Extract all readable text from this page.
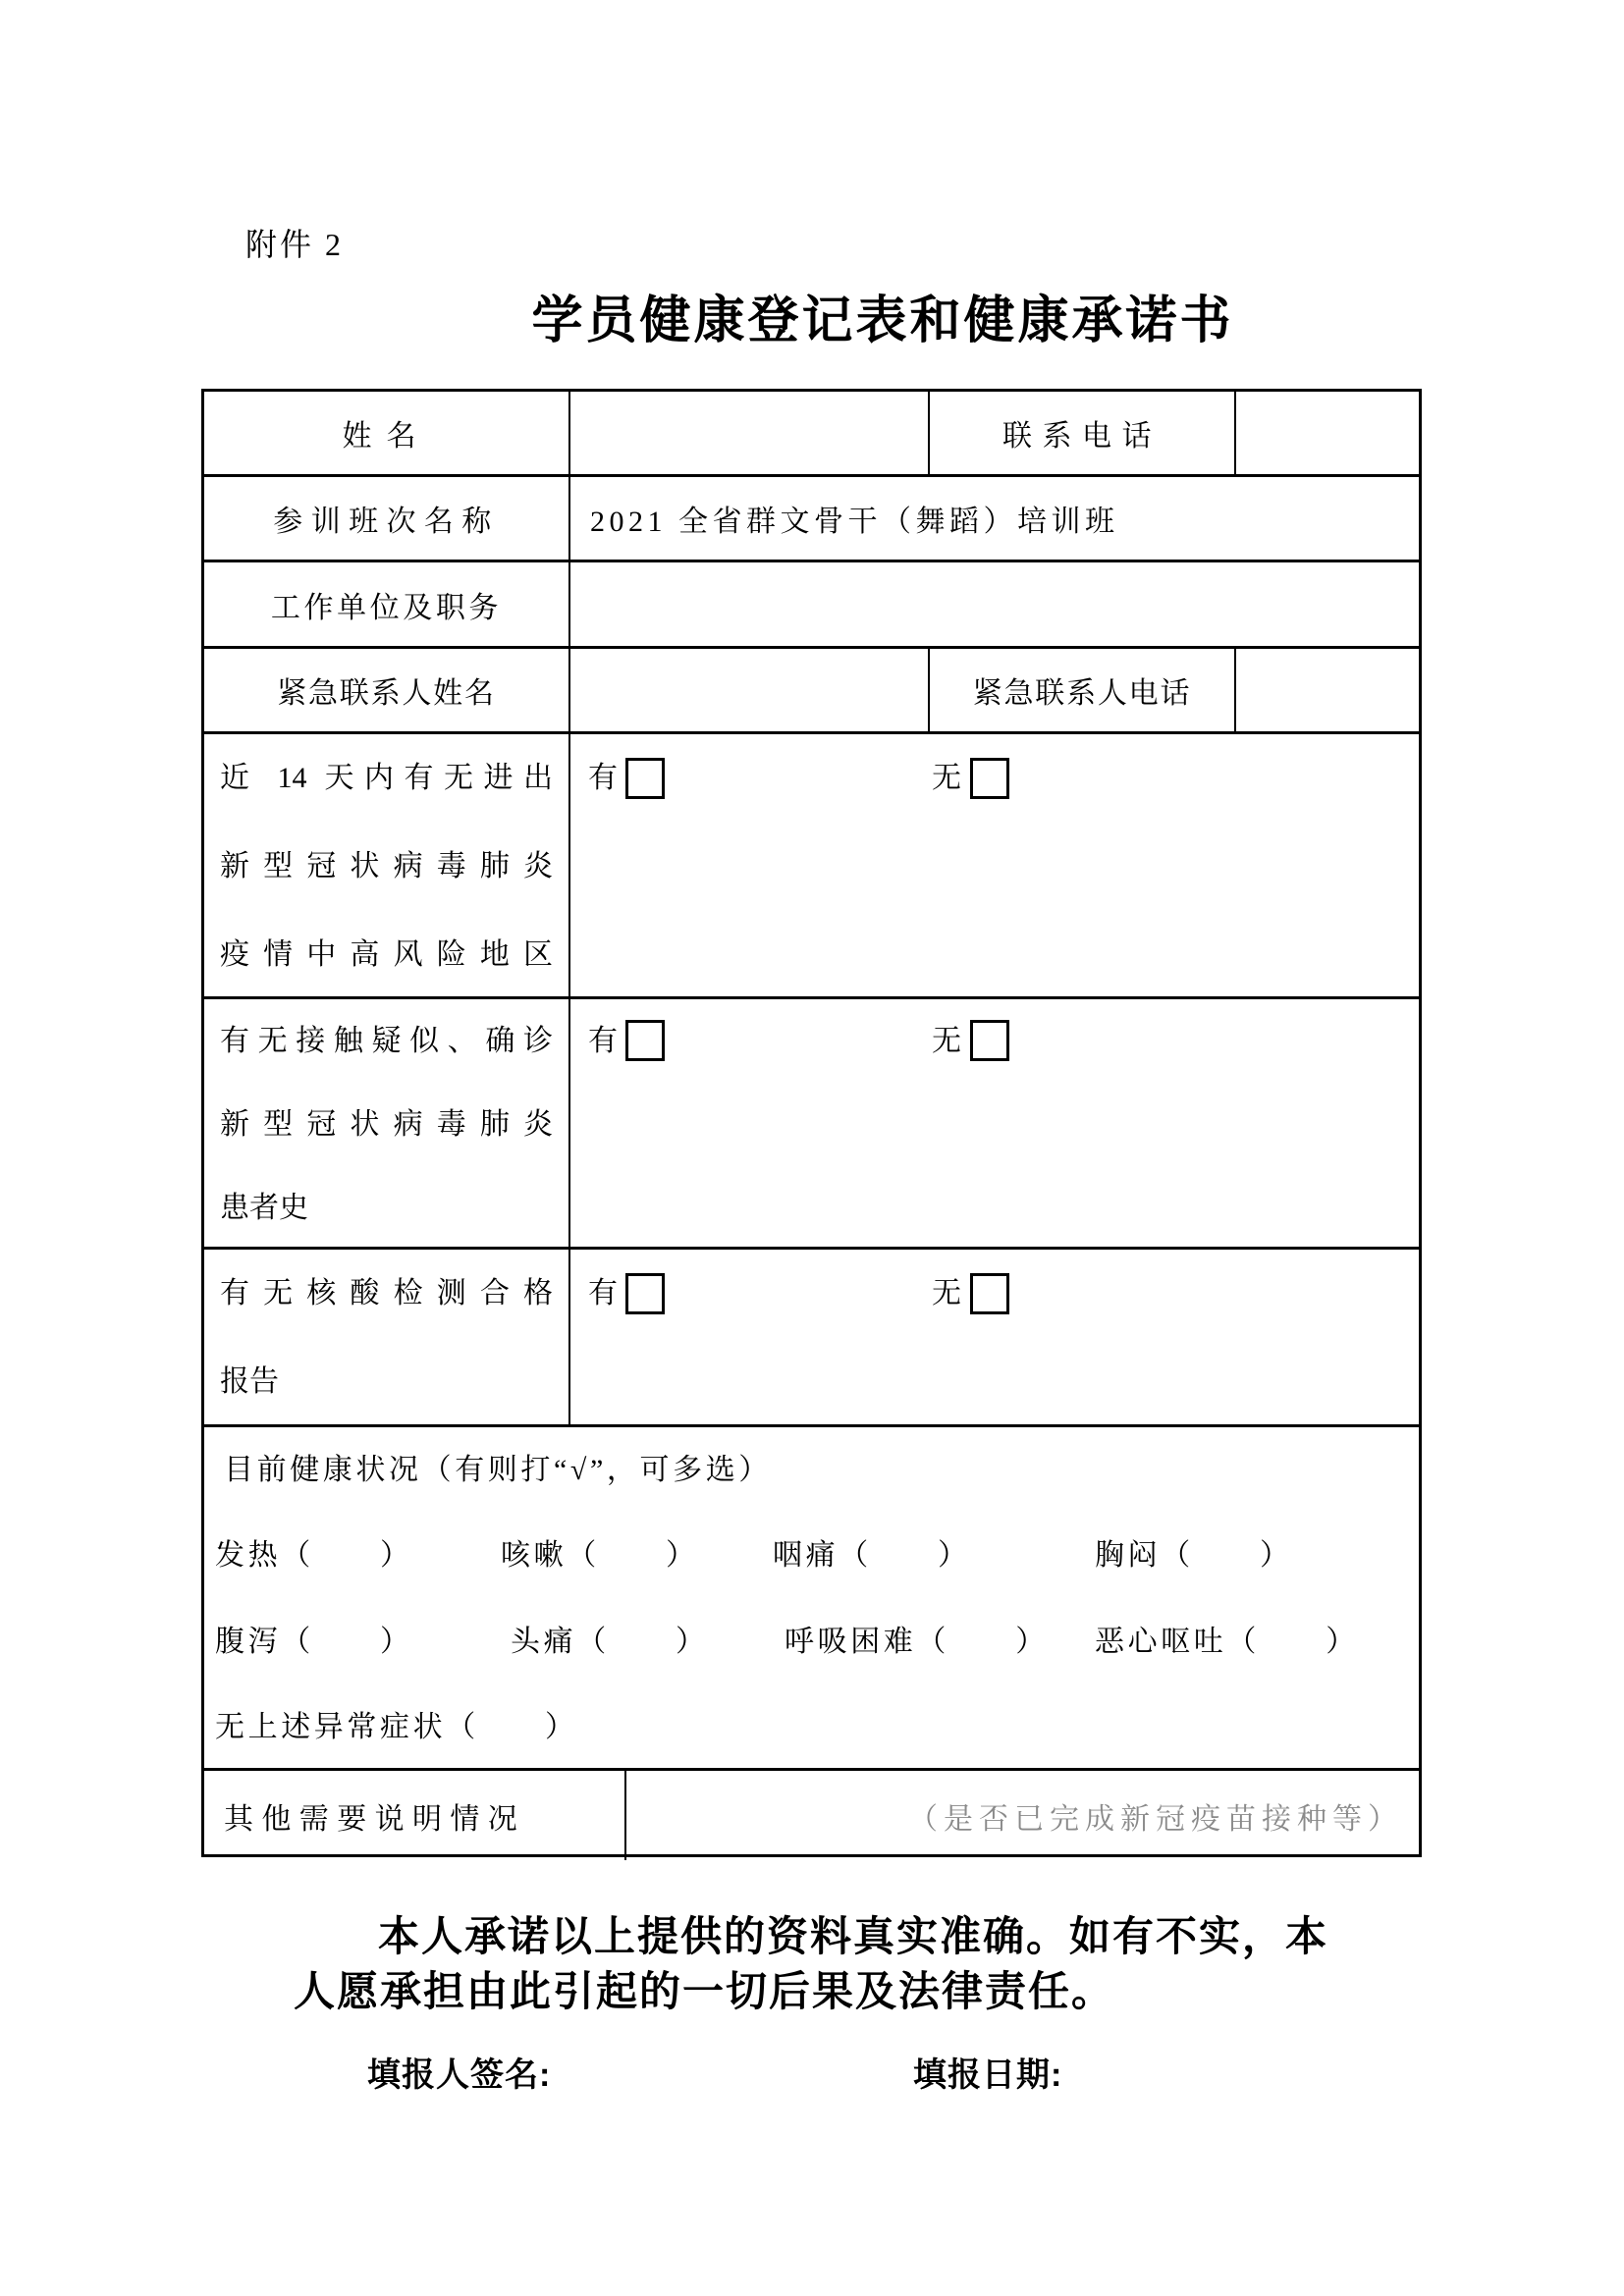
附件 2
学员健康登记表和健康承诺书
姓名	联系电话
参训班次名称	2021 全省群文骨干（舞蹈）培训班
工作单位及职务
紧急联系人姓名	紧急联系人电话
近 14 天内有无进出
新型冠状病毒肺炎
疫情中高风险地区
有	无
有无接触疑似、确诊
新型冠状病毒肺炎
患者史
有	无
有无核酸检测合格
报告
有	无
目前健康状况（有则打“√”，可多选）
发热（　　）	咳嗽（　　）	咽痛（　　）	胸闷（　　）
腹泻（　　）	头痛（　　）	呼吸困难（　　） 恶心呕吐（　　）
无上述异常症状（　　）
其他需要说明情况	（是否已完成新冠疫苗接种等）
本人承诺以上提供的资料真实准确。如有不实，本
人愿承担由此引起的一切后果及法律责任。
填报人签名:	填报日期:
